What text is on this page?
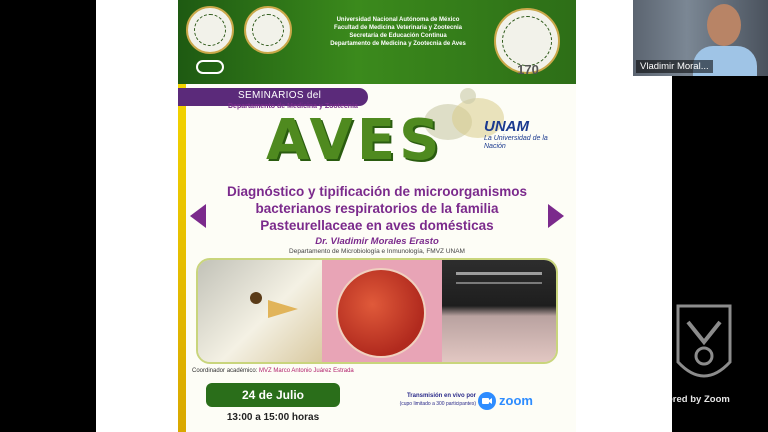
Universidad Nacional Autónoma de México
Facultad de Medicina Veterinaria y Zootecnia
Secretaría de Educación Continua
Departamento de Medicina y Zootecnia de Aves
170
SEMINARIOS del
Departamento de Medicina y Zootecnia
AVES	UNAM
La Universidad de la Nación
Diagnóstico y tipificación de microorganismos
bacterianos respiratorios de la familia
Pasteurellaceae en aves domésticas
Dr. Vladimir Morales Erasto
Departamento de Microbiología e Inmunología, FMVZ UNAM
Coordinador académico: MVZ Marco Antonio Juárez Estrada
24 de Julio
13:00 a 15:00 horas
Transmisión en vivo por
(cupo limitado a 300 participantes) zoom
Vladimir Moral...
Powered by Zoom
